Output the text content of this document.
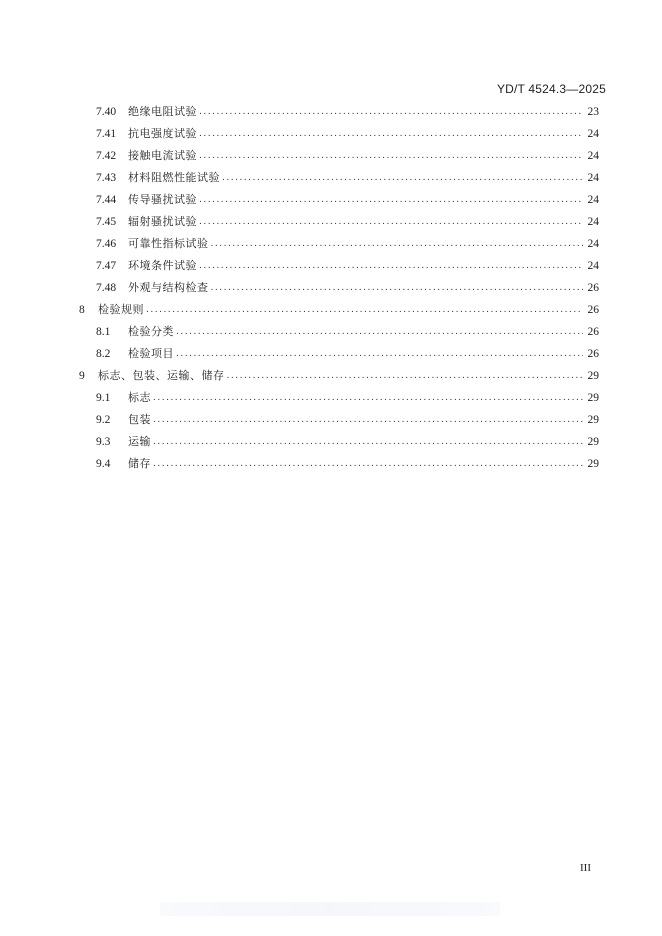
YD/T 4524.3—2025
7.40	绝缘电阻试验 .....	23
7.41	抗电强度试验 .....	24
7.42	接触电流试验 .....	24
7.43	材料阻燃性能试验 .....	24
7.44	传导骚扰试验 .....	24
7.45	辐射骚扰试验 .....	24
7.46	可靠性指标试验 .....	24
7.47	环境条件试验 .....	24
7.48	外观与结构检查 .....	26
8	检验规则 .....	26
8.1	检验分类 .....	26
8.2	检验项目 .....	26
9	标志、包装、运输、储存 .....	29
9.1	标志 .....	29
9.2	包装 .....	29
9.3	运输 .....	29
9.4	储存 .....	29
III
